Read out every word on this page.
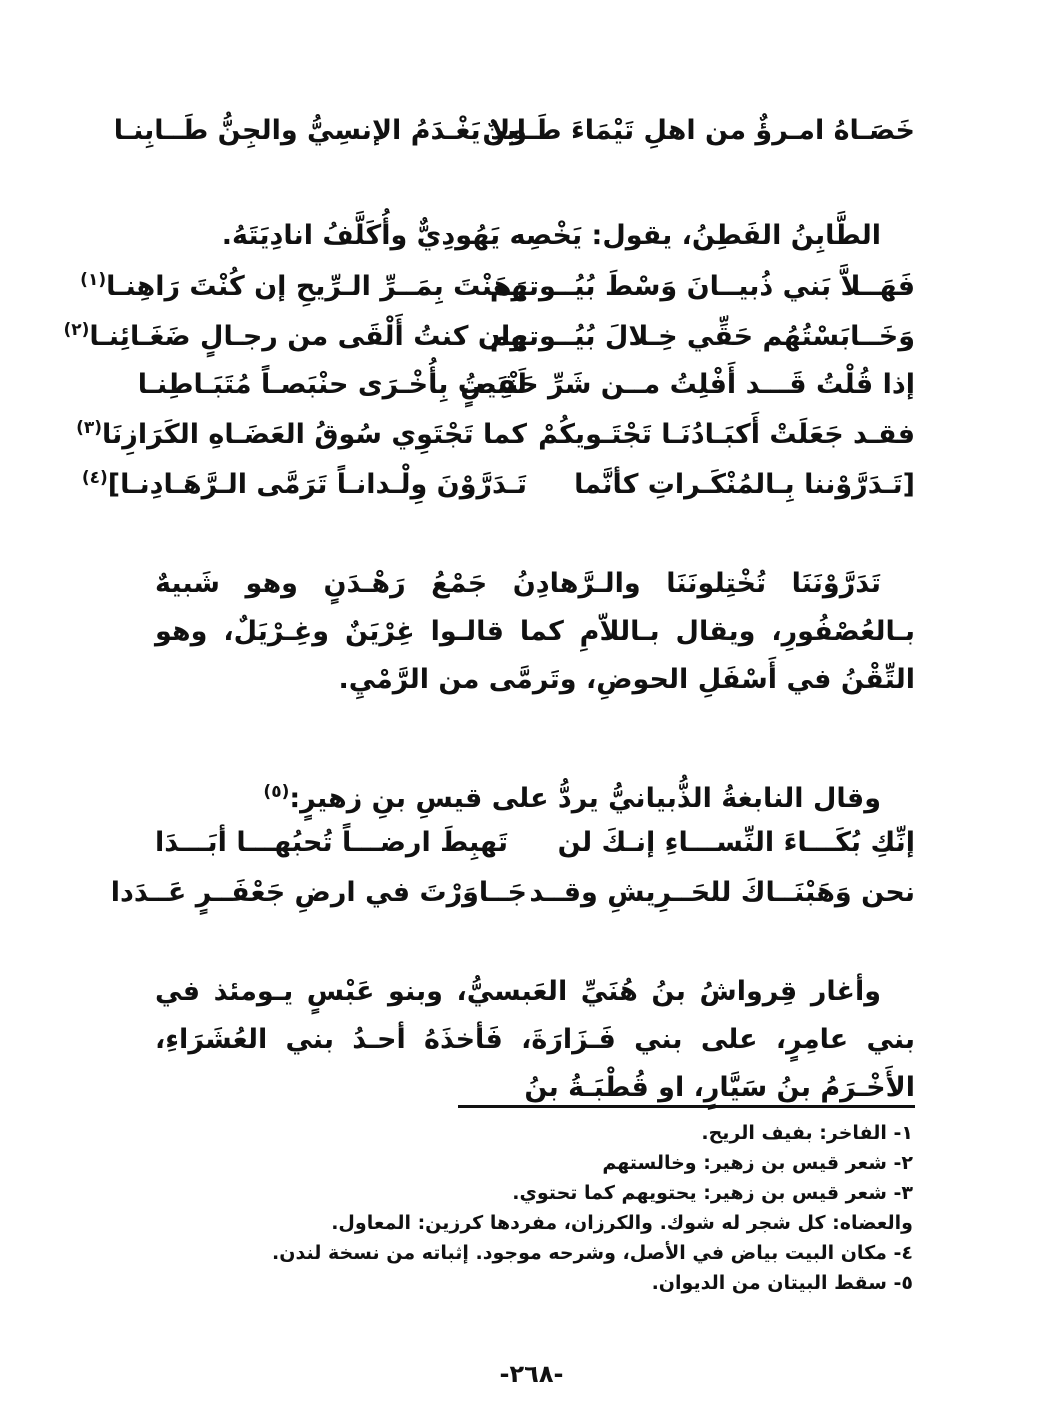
خَصَـاهُ امـرؤٌ من اهلِ تَيْمَاءَ طَـابنٌ
ولا يَغْـدَمُ الإنسِيُّ والجِنُّ طَــابِنـا

الطَّابِنُ الفَطِنُ، يقول: يَخْصِه يَهُودِيٌّ وأُكَلَّفُ انادِيَتَهُ.

فَهَــلاَّ بَني ذُبيــانَ وَسْطَ بُيُــوتهم
رَهَنْتَ بِمَــرِّ الـرِّيحِ إن كُنْتَ رَاهِنـا$^{(١)}$
وَخَــابَسْتُهُم حَقِّي خِـلالَ بُيُــوتهم
وان كنتُ أَلْقَى من رجـالٍ ضَغَـائِنـا$^{(٢)}$
إذا قُلْتُ قَـــد أَفْلِتُ مــن شَرِّ حَنْبَصٍ
لَقِيتُ بِأُخْـرَى حنْبَصـاً مُتَبَـاطِنـا
فقـد جَعَلَتْ أَكبَـادُنَـا تَجْتَـويكُمْ
كما تَجْتَوِي سُوقُ العَضَـاهِ الكَرَازِنَا$^{(٣)}$
[تَـدَرَّوْننا بِـالمُنْكَـراتِ كأنَّما
تَـدَرَّوْنَ وِلْـدانـاً تَرَمَّى الـرَّهَـادِنـا]$^{(٤)}$

تَدَرَّوْنَنَا تُخْتِلونَنَا والـرَّهادِنُ جَمْعُ رَهْـدَنٍ وهو شَبيهٌ بـالعُصْفُورِ، ويقال بـاللاّمِ كما قالـوا غِرْيَنٌ وغِـرْيَلٌ، وهو التِّقْنُ في أَسْفَلِ الحوضِ، وتَرمَّى من الرَّمْيِ.

وقال النابغةُ الذُّبيانيُّ يردُّ على قيسِ بنِ زهيرٍ:$^{(٥)}$

إنِّكِ بُكَـــاءَ النِّســـاءِ إنـكَ لن
تَهبِطَ ارضـــاً تُحبُهـــا أبَـــدَا
نحن وَهَبْنَــاكَ للحَــرِيشِ وقــد
جَــاوَرْتَ في ارضِ جَعْفَــرٍ عَــدَدا

وأغار قِرواشُ بنُ هُنَيِّ العَبسيُّ، وبنو عَبْسٍ يـومئذ في بني عامِرٍ، على بني فَـزَارَةَ، فَأخذَهُ أحـدُ بني العُشَرَاءِ، الأَخْـرَمُ بنُ سَيَّارٍ، او قُطْبَـةُ بنُ

١- الفاخر: بفيف الريح.
٢- شعر قيس بن زهير: وخالستهم
٣- شعر قيس بن زهير: يحتويهم كما تحتوي.
والعضاه: كل شجر له شوك. والكرزان، مفردها كرزين: المعاول.
٤- مكان البيت بياض في الأصل، وشرحه موجود. إثباته من نسخة لندن.
٥- سقط البيتان من الديوان.
-٢٦٨-
